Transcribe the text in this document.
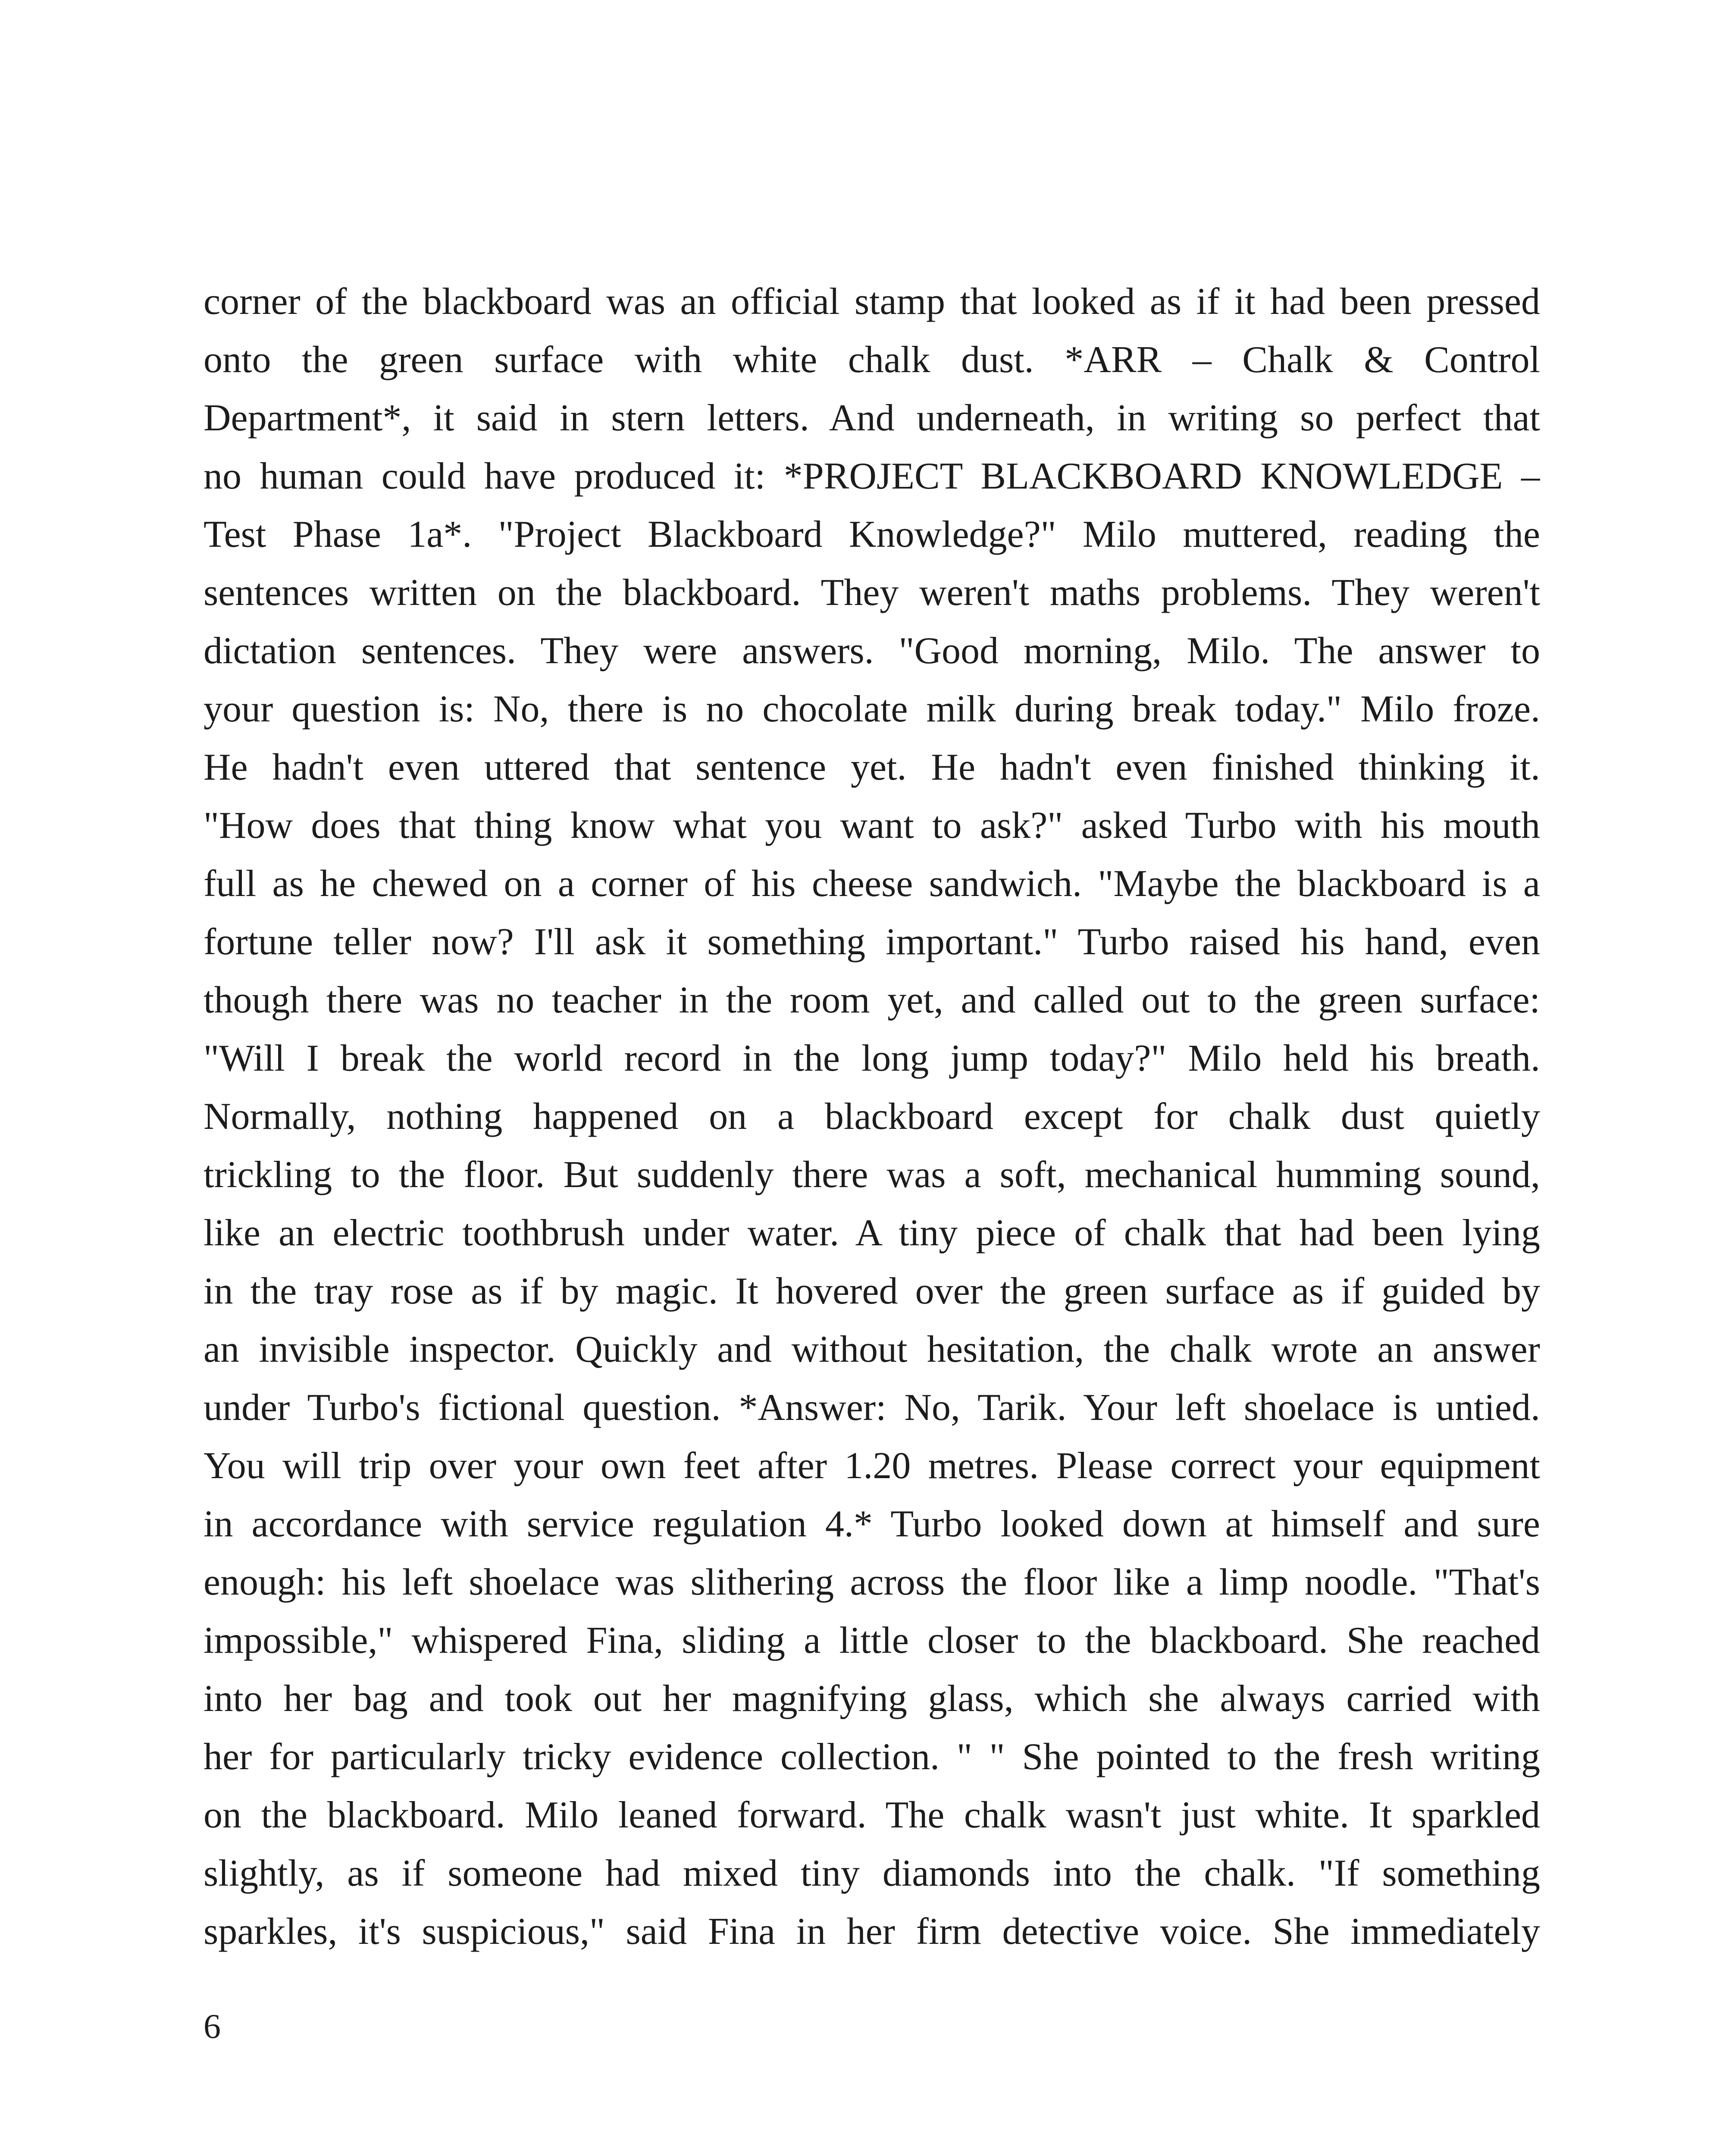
corner of the blackboard was an official stamp that looked as if it had been pressed
onto the green surface with white chalk dust. *ARR – Chalk & Control
Department*, it said in stern letters. And underneath, in writing so perfect that
no human could have produced it: *PROJECT BLACKBOARD KNOWLEDGE –
Test Phase 1a*. "Project Blackboard Knowledge?" Milo muttered, reading the
sentences written on the blackboard. They weren't maths problems. They weren't
dictation sentences. They were answers. "Good morning, Milo. The answer to
your question is: No, there is no chocolate milk during break today." Milo froze.
He hadn't even uttered that sentence yet. He hadn't even finished thinking it.
"How does that thing know what you want to ask?" asked Turbo with his mouth
full as he chewed on a corner of his cheese sandwich. "Maybe the blackboard is a
fortune teller now? I'll ask it something important." Turbo raised his hand, even
though there was no teacher in the room yet, and called out to the green surface:
"Will I break the world record in the long jump today?" Milo held his breath.
Normally, nothing happened on a blackboard except for chalk dust quietly
trickling to the floor. But suddenly there was a soft, mechanical humming sound,
like an electric toothbrush under water. A tiny piece of chalk that had been lying
in the tray rose as if by magic. It hovered over the green surface as if guided by
an invisible inspector. Quickly and without hesitation, the chalk wrote an answer
under Turbo's fictional question. *Answer: No, Tarik. Your left shoelace is untied.
You will trip over your own feet after 1.20 metres. Please correct your equipment
in accordance with service regulation 4.* Turbo looked down at himself and sure
enough: his left shoelace was slithering across the floor like a limp noodle. "That's
impossible," whispered Fina, sliding a little closer to the blackboard. She reached
into her bag and took out her magnifying glass, which she always carried with
her for particularly tricky evidence collection. " " She pointed to the fresh writing
on the blackboard. Milo leaned forward. The chalk wasn't just white. It sparkled
slightly, as if someone had mixed tiny diamonds into the chalk. "If something
sparkles, it's suspicious," said Fina in her firm detective voice. She immediately
6
